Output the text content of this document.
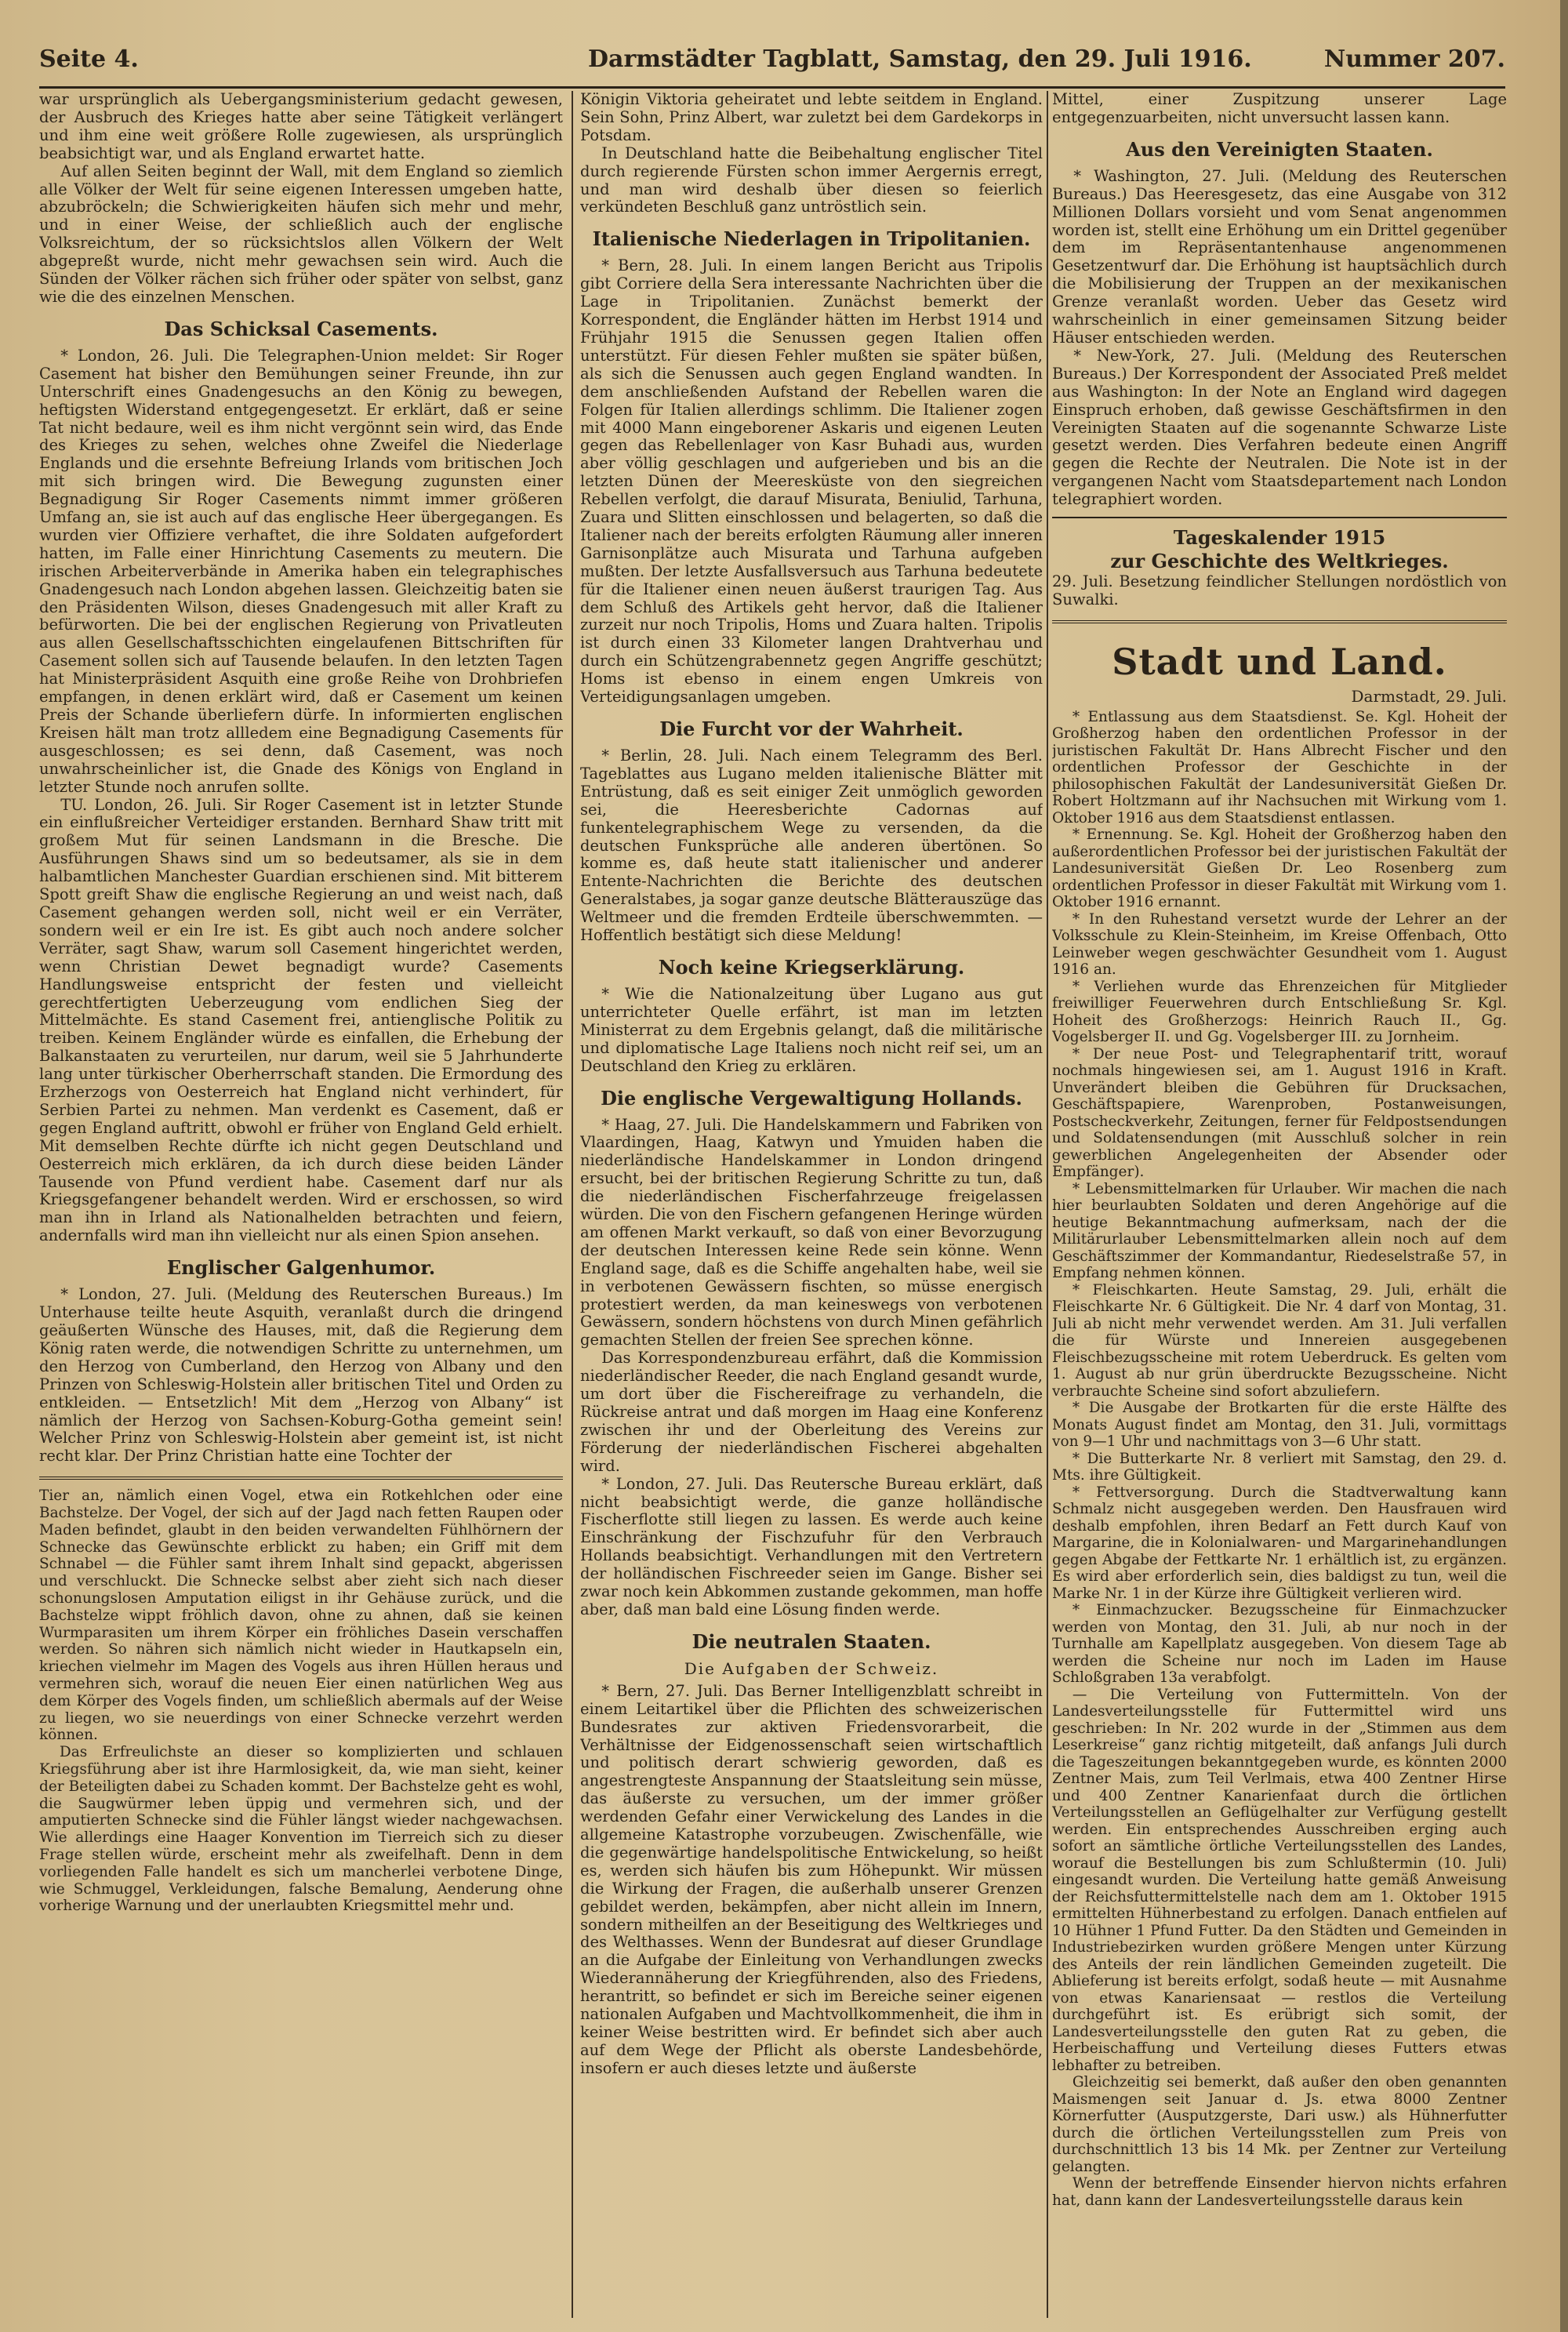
Seite 4.	Darmstädter Tagblatt, Samstag, den 29. Juli 1916.	Nummer 207.

war ursprünglich als Uebergangsministerium gedacht gewesen, der Ausbruch des Krieges hatte aber seine Tätigkeit verlängert und ihm eine weit größere Rolle zugewiesen, als ursprünglich beabsichtigt war, und als England erwartet hatte.

Auf allen Seiten beginnt der Wall, mit dem England so ziemlich alle Völker der Welt für seine eigenen Interessen umgeben hatte, abzubröckeln; die Schwierigkeiten häufen sich mehr und mehr, und in einer Weise, der schließlich auch der englische Volksreichtum, der so rücksichtslos allen Völkern der Welt abgepreßt wurde, nicht mehr gewachsen sein wird. Auch die Sünden der Völker rächen sich früher oder später von selbst, ganz wie die des einzelnen Menschen.

Das Schicksal Casements.

* London, 26. Juli. Die Telegraphen-Union meldet: Sir Roger Casement hat bisher den Bemühungen seiner Freunde, ihn zur Unterschrift eines Gnadengesuchs an den König zu bewegen, heftigsten Widerstand entgegengesetzt. Er erklärt, daß er seine Tat nicht bedaure, weil es ihm nicht vergönnt sein wird, das Ende des Krieges zu sehen, welches ohne Zweifel die Niederlage Englands und die ersehnte Befreiung Irlands vom britischen Joch mit sich bringen wird. Die Bewegung zugunsten einer Begnadigung Sir Roger Casements nimmt immer größeren Umfang an, sie ist auch auf das englische Heer übergegangen. Es wurden vier Offiziere verhaftet, die ihre Soldaten aufgefordert hatten, im Falle einer Hinrichtung Casements zu meutern. Die irischen Arbeiterverbände in Amerika haben ein telegraphisches Gnadengesuch nach London abgehen lassen. Gleichzeitig baten sie den Präsidenten Wilson, dieses Gnadengesuch mit aller Kraft zu befürworten. Die bei der englischen Regierung von Privatleuten aus allen Gesellschaftsschichten eingelaufenen Bittschriften für Casement sollen sich auf Tausende belaufen. In den letzten Tagen hat Ministerpräsident Asquith eine große Reihe von Drohbriefen empfangen, in denen erklärt wird, daß er Casement um keinen Preis der Schande überliefern dürfe. In informierten englischen Kreisen hält man trotz allledem eine Begnadigung Casements für ausgeschlossen; es sei denn, daß Casement, was noch unwahrscheinlicher ist, die Gnade des Königs von England in letzter Stunde noch anrufen sollte.

TU. London, 26. Juli. Sir Roger Casement ist in letzter Stunde ein einflußreicher Verteidiger erstanden. Bernhard Shaw tritt mit großem Mut für seinen Landsmann in die Bresche. Die Ausführungen Shaws sind um so bedeutsamer, als sie in dem halbamtlichen Manchester Guardian erschienen sind. Mit bitterem Spott greift Shaw die englische Regierung an und weist nach, daß Casement gehangen werden soll, nicht weil er ein Verräter, sondern weil er ein Ire ist. Es gibt auch noch andere solcher Verräter, sagt Shaw, warum soll Casement hingerichtet werden, wenn Christian Dewet begnadigt wurde? Casements Handlungsweise entspricht der festen und vielleicht gerechtfertigten Ueberzeugung vom endlichen Sieg der Mittelmächte. Es stand Casement frei, antienglische Politik zu treiben. Keinem Engländer würde es einfallen, die Erhebung der Balkanstaaten zu verurteilen, nur darum, weil sie 5 Jahrhunderte lang unter türkischer Oberherrschaft standen. Die Ermordung des Erzherzogs von Oesterreich hat England nicht verhindert, für Serbien Partei zu nehmen. Man verdenkt es Casement, daß er gegen England auftritt, obwohl er früher von England Geld erhielt. Mit demselben Rechte dürfte ich nicht gegen Deutschland und Oesterreich mich erklären, da ich durch diese beiden Länder Tausende von Pfund verdient habe. Casement darf nur als Kriegsgefangener behandelt werden. Wird er erschossen, so wird man ihn in Irland als Nationalhelden betrachten und feiern, andernfalls wird man ihn vielleicht nur als einen Spion ansehen.

Englischer Galgenhumor.

* London, 27. Juli. (Meldung des Reuterschen Bureaus.) Im Unterhause teilte heute Asquith, veranlaßt durch die dringend geäußerten Wünsche des Hauses, mit, daß die Regierung dem König raten werde, die notwendigen Schritte zu unternehmen, um den Herzog von Cumberland, den Herzog von Albany und den Prinzen von Schleswig-Holstein aller britischen Titel und Orden zu entkleiden. — Entsetzlich! Mit dem „Herzog von Albany“ ist nämlich der Herzog von Sachsen-Koburg-Gotha gemeint sein! Welcher Prinz von Schleswig-Holstein aber gemeint ist, ist nicht recht klar. Der Prinz Christian hatte eine Tochter der

Tier an, nämlich einen Vogel, etwa ein Rotkehlchen oder eine Bachstelze. Der Vogel, der sich auf der Jagd nach fetten Raupen oder Maden befindet, glaubt in den beiden verwandelten Fühlhörnern der Schnecke das Gewünschte erblickt zu haben; ein Griff mit dem Schnabel — die Fühler samt ihrem Inhalt sind gepackt, abgerissen und verschluckt. Die Schnecke selbst aber zieht sich nach dieser schonungslosen Amputation eiligst in ihr Gehäuse zurück, und die Bachstelze wippt fröhlich davon, ohne zu ahnen, daß sie keinen Wurmparasiten um ihrem Körper ein fröhliches Dasein verschaffen werden. So nähren sich nämlich nicht wieder in Hautkapseln ein, kriechen vielmehr im Magen des Vogels aus ihren Hüllen heraus und vermehren sich, worauf die neuen Eier einen natürlichen Weg aus dem Körper des Vogels finden, um schließlich abermals auf der Weise zu liegen, wo sie neuerdings von einer Schnecke verzehrt werden können.

Das Erfreulichste an dieser so komplizierten und schlauen Kriegsführung aber ist ihre Harmlosigkeit, da, wie man sieht, keiner der Beteiligten dabei zu Schaden kommt. Der Bachstelze geht es wohl, die Saugwürmer leben üppig und vermehren sich, und der amputierten Schnecke sind die Fühler längst wieder nachgewachsen. Wie allerdings eine Haager Konvention im Tierreich sich zu dieser Frage stellen würde, erscheint mehr als zweifelhaft. Denn in dem vorliegenden Falle handelt es sich um mancherlei verbotene Dinge, wie Schmuggel, Verkleidungen, falsche Bemalung, Aenderung ohne vorherige Warnung und der unerlaubten Kriegsmittel mehr und.

Königin Viktoria geheiratet und lebte seitdem in England. Sein Sohn, Prinz Albert, war zuletzt bei dem Gardekorps in Potsdam.

In Deutschland hatte die Beibehaltung englischer Titel durch regierende Fürsten schon immer Aergernis erregt, und man wird deshalb über diesen so feierlich verkündeten Beschluß ganz untröstlich sein.

Italienische Niederlagen in Tripolitanien.

* Bern, 28. Juli. In einem langen Bericht aus Tripolis gibt Corriere della Sera interessante Nachrichten über die Lage in Tripolitanien. Zunächst bemerkt der Korrespondent, die Engländer hätten im Herbst 1914 und Frühjahr 1915 die Senussen gegen Italien offen unterstützt. Für diesen Fehler mußten sie später büßen, als sich die Senussen auch gegen England wandten. In dem anschließenden Aufstand der Rebellen waren die Folgen für Italien allerdings schlimm. Die Italiener zogen mit 4000 Mann eingeborener Askaris und eigenen Leuten gegen das Rebellenlager von Kasr Buhadi aus, wurden aber völlig geschlagen und aufgerieben und bis an die letzten Dünen der Meeresküste von den siegreichen Rebellen verfolgt, die darauf Misurata, Beniulid, Tarhuna, Zuara und Slitten einschlossen und belagerten, so daß die Italiener nach der bereits erfolgten Räumung aller inneren Garnisonplätze auch Misurata und Tarhuna aufgeben mußten. Der letzte Ausfallsversuch aus Tarhuna bedeutete für die Italiener einen neuen äußerst traurigen Tag. Aus dem Schluß des Artikels geht hervor, daß die Italiener zurzeit nur noch Tripolis, Homs und Zuara halten. Tripolis ist durch einen 33 Kilometer langen Drahtverhau und durch ein Schützengrabennetz gegen Angriffe geschützt; Homs ist ebenso in einem engen Umkreis von Verteidigungsanlagen umgeben.

Die Furcht vor der Wahrheit.

* Berlin, 28. Juli. Nach einem Telegramm des Berl. Tageblattes aus Lugano melden italienische Blätter mit Entrüstung, daß es seit einiger Zeit unmöglich geworden sei, die Heeresberichte Cadornas auf funkentelegraphischem Wege zu versenden, da die deutschen Funksprüche alle anderen übertönen. So komme es, daß heute statt italienischer und anderer Entente-Nachrichten die Berichte des deutschen Generalstabes, ja sogar ganze deutsche Blätterauszüge das Weltmeer und die fremden Erdteile überschwemmten. — Hoffentlich bestätigt sich diese Meldung!

Noch keine Kriegserklärung.

* Wie die Nationalzeitung über Lugano aus gut unterrichteter Quelle erfährt, ist man im letzten Ministerrat zu dem Ergebnis gelangt, daß die militärische und diplomatische Lage Italiens noch nicht reif sei, um an Deutschland den Krieg zu erklären.

Die englische Vergewaltigung Hollands.

* Haag, 27. Juli. Die Handelskammern und Fabriken von Vlaardingen, Haag, Katwyn und Ymuiden haben die niederländische Handelskammer in London dringend ersucht, bei der britischen Regierung Schritte zu tun, daß die niederländischen Fischerfahrzeuge freigelassen würden. Die von den Fischern gefangenen Heringe würden am offenen Markt verkauft, so daß von einer Bevorzugung der deutschen Interessen keine Rede sein könne. Wenn England sage, daß es die Schiffe angehalten habe, weil sie in verbotenen Gewässern fischten, so müsse energisch protestiert werden, da man keineswegs von verbotenen Gewässern, sondern höchstens von durch Minen gefährlich gemachten Stellen der freien See sprechen könne.

Das Korrespondenzbureau erfährt, daß die Kommission niederländischer Reeder, die nach England gesandt wurde, um dort über die Fischereifrage zu verhandeln, die Rückreise antrat und daß morgen im Haag eine Konferenz zwischen ihr und der Oberleitung des Vereins zur Förderung der niederländischen Fischerei abgehalten wird.

* London, 27. Juli. Das Reutersche Bureau erklärt, daß nicht beabsichtigt werde, die ganze holländische Fischerflotte still liegen zu lassen. Es werde auch keine Einschränkung der Fischzufuhr für den Verbrauch Hollands beabsichtigt. Verhandlungen mit den Vertretern der holländischen Fischreeder seien im Gange. Bisher sei zwar noch kein Abkommen zustande gekommen, man hoffe aber, daß man bald eine Lösung finden werde.

Die neutralen Staaten.
Die Aufgaben der Schweiz.

* Bern, 27. Juli. Das Berner Intelligenzblatt schreibt in einem Leitartikel über die Pflichten des schweizerischen Bundesrates zur aktiven Friedensvorarbeit, die Verhältnisse der Eidgenossenschaft seien wirtschaftlich und politisch derart schwierig geworden, daß es angestrengteste Anspannung der Staatsleitung sein müsse, das äußerste zu versuchen, um der immer größer werdenden Gefahr einer Verwickelung des Landes in die allgemeine Katastrophe vorzubeugen. Zwischenfälle, wie die gegenwärtige handelspolitische Entwickelung, so heißt es, werden sich häufen bis zum Höhepunkt. Wir müssen die Wirkung der Fragen, die außerhalb unserer Grenzen gebildet werden, bekämpfen, aber nicht allein im Innern, sondern mitheilfen an der Beseitigung des Weltkrieges und des Welthasses. Wenn der Bundesrat auf dieser Grundlage an die Aufgabe der Einleitung von Verhandlungen zwecks Wiederannäherung der Kriegführenden, also des Friedens, herantritt, so befindet er sich im Bereiche seiner eigenen nationalen Aufgaben und Machtvollkommenheit, die ihm in keiner Weise bestritten wird. Er befindet sich aber auch auf dem Wege der Pflicht als oberste Landesbehörde, insofern er auch dieses letzte und äußerste

Mittel, einer Zuspitzung unserer Lage entgegenzuarbeiten, nicht unversucht lassen kann.

Aus den Vereinigten Staaten.

* Washington, 27. Juli. (Meldung des Reuterschen Bureaus.) Das Heeresgesetz, das eine Ausgabe von 312 Millionen Dollars vorsieht und vom Senat angenommen worden ist, stellt eine Erhöhung um ein Drittel gegenüber dem im Repräsentantenhause angenommenen Gesetzentwurf dar. Die Erhöhung ist hauptsächlich durch die Mobilisierung der Truppen an der mexikanischen Grenze veranlaßt worden. Ueber das Gesetz wird wahrscheinlich in einer gemeinsamen Sitzung beider Häuser entschieden werden.

* New-York, 27. Juli. (Meldung des Reuterschen Bureaus.) Der Korrespondent der Associated Preß meldet aus Washington: In der Note an England wird dagegen Einspruch erhoben, daß gewisse Geschäftsfirmen in den Vereinigten Staaten auf die sogenannte Schwarze Liste gesetzt werden. Dies Verfahren bedeute einen Angriff gegen die Rechte der Neutralen. Die Note ist in der vergangenen Nacht vom Staatsdepartement nach London telegraphiert worden.

Tageskalender 1915
zur Geschichte des Weltkrieges.

29. Juli. Besetzung feindlicher Stellungen nordöstlich von Suwalki.

Stadt und Land.
Darmstadt, 29. Juli.

* Entlassung aus dem Staatsdienst. Se. Kgl. Hoheit der Großherzog haben den ordentlichen Professor in der juristischen Fakultät Dr. Hans Albrecht Fischer und den ordentlichen Professor der Geschichte in der philosophischen Fakultät der Landesuniversität Gießen Dr. Robert Holtzmann auf ihr Nachsuchen mit Wirkung vom 1. Oktober 1916 aus dem Staatsdienst entlassen.

* Ernennung. Se. Kgl. Hoheit der Großherzog haben den außerordentlichen Professor bei der juristischen Fakultät der Landesuniversität Gießen Dr. Leo Rosenberg zum ordentlichen Professor in dieser Fakultät mit Wirkung vom 1. Oktober 1916 ernannt.

* In den Ruhestand versetzt wurde der Lehrer an der Volksschule zu Klein-Steinheim, im Kreise Offenbach, Otto Leinweber wegen geschwächter Gesundheit vom 1. August 1916 an.

* Verliehen wurde das Ehrenzeichen für Mitglieder freiwilliger Feuerwehren durch Entschließung Sr. Kgl. Hoheit des Großherzogs: Heinrich Rauch II., Gg. Vogelsberger II. und Gg. Vogelsberger III. zu Jornheim.

* Der neue Post- und Telegraphentarif tritt, worauf nochmals hingewiesen sei, am 1. August 1916 in Kraft. Unverändert bleiben die Gebühren für Drucksachen, Geschäftspapiere, Warenproben, Postanweisungen, Postscheckverkehr, Zeitungen, ferner für Feldpostsendungen und Soldatensendungen (mit Ausschluß solcher in rein gewerblichen Angelegenheiten der Absender oder Empfänger).

* Lebensmittelmarken für Urlauber. Wir machen die nach hier beurlaubten Soldaten und deren Angehörige auf die heutige Bekanntmachung aufmerksam, nach der die Militärurlauber Lebensmittelmarken allein noch auf dem Geschäftszimmer der Kommandantur, Riedeselstraße 57, in Empfang nehmen können.

* Fleischkarten. Heute Samstag, 29. Juli, erhält die Fleischkarte Nr. 6 Gültigkeit. Die Nr. 4 darf von Montag, 31. Juli ab nicht mehr verwendet werden. Am 31. Juli verfallen die für Würste und Innereien ausgegebenen Fleischbezugsscheine mit rotem Ueberdruck. Es gelten vom 1. August ab nur grün überdruckte Bezugsscheine. Nicht verbrauchte Scheine sind sofort abzuliefern.

* Die Ausgabe der Brotkarten für die erste Hälfte des Monats August findet am Montag, den 31. Juli, vormittags von 9—1 Uhr und nachmittags von 3—6 Uhr statt.

* Die Butterkarte Nr. 8 verliert mit Samstag, den 29. d. Mts. ihre Gültigkeit.

* Fettversorgung. Durch die Stadtverwaltung kann Schmalz nicht ausgegeben werden. Den Hausfrauen wird deshalb empfohlen, ihren Bedarf an Fett durch Kauf von Margarine, die in Kolonialwaren- und Margarinehandlungen gegen Abgabe der Fettkarte Nr. 1 erhältlich ist, zu ergänzen. Es wird aber erforderlich sein, dies baldigst zu tun, weil die Marke Nr. 1 in der Kürze ihre Gültigkeit verlieren wird.

* Einmachzucker. Bezugsscheine für Einmachzucker werden von Montag, den 31. Juli, ab nur noch in der Turnhalle am Kapellplatz ausgegeben. Von diesem Tage ab werden die Scheine nur noch im Laden im Hause Schloßgraben 13a verabfolgt.

— Die Verteilung von Futtermitteln. Von der Landesverteilungsstelle für Futtermittel wird uns geschrieben: In Nr. 202 wurde in der „Stimmen aus dem Leserkreise“ ganz richtig mitgeteilt, daß anfangs Juli durch die Tageszeitungen bekanntgegeben wurde, es könnten 2000 Zentner Mais, zum Teil Verlmais, etwa 400 Zentner Hirse und 400 Zentner Kanarienfaat durch die örtlichen Verteilungsstellen an Geflügelhalter zur Verfügung gestellt werden. Ein entsprechendes Ausschreiben erging auch sofort an sämtliche örtliche Verteilungsstellen des Landes, worauf die Bestellungen bis zum Schlußtermin (10. Juli) eingesandt wurden. Die Verteilung hatte gemäß Anweisung der Reichsfuttermittelstelle nach dem am 1. Oktober 1915 ermittelten Hühnerbestand zu erfolgen. Danach entfielen auf 10 Hühner 1 Pfund Futter. Da den Städten und Gemeinden in Industriebezirken wurden größere Mengen unter Kürzung des Anteils der rein ländlichen Gemeinden zugeteilt. Die Ablieferung ist bereits erfolgt, sodaß heute — mit Ausnahme von etwas Kanariensaat — restlos die Verteilung durchgeführt ist. Es erübrigt sich somit, der Landesverteilungsstelle den guten Rat zu geben, die Herbeischaffung und Verteilung dieses Futters etwas lebhafter zu betreiben.

Gleichzeitig sei bemerkt, daß außer den oben genannten Maismengen seit Januar d. Js. etwa 8000 Zentner Körnerfutter (Ausputzgerste, Dari usw.) als Hühnerfutter durch die örtlichen Verteilungsstellen zum Preis von durchschnittlich 13 bis 14 Mk. per Zentner zur Verteilung gelangten.

Wenn der betreffende Einsender hiervon nichts erfahren hat, dann kann der Landesverteilungsstelle daraus kein
